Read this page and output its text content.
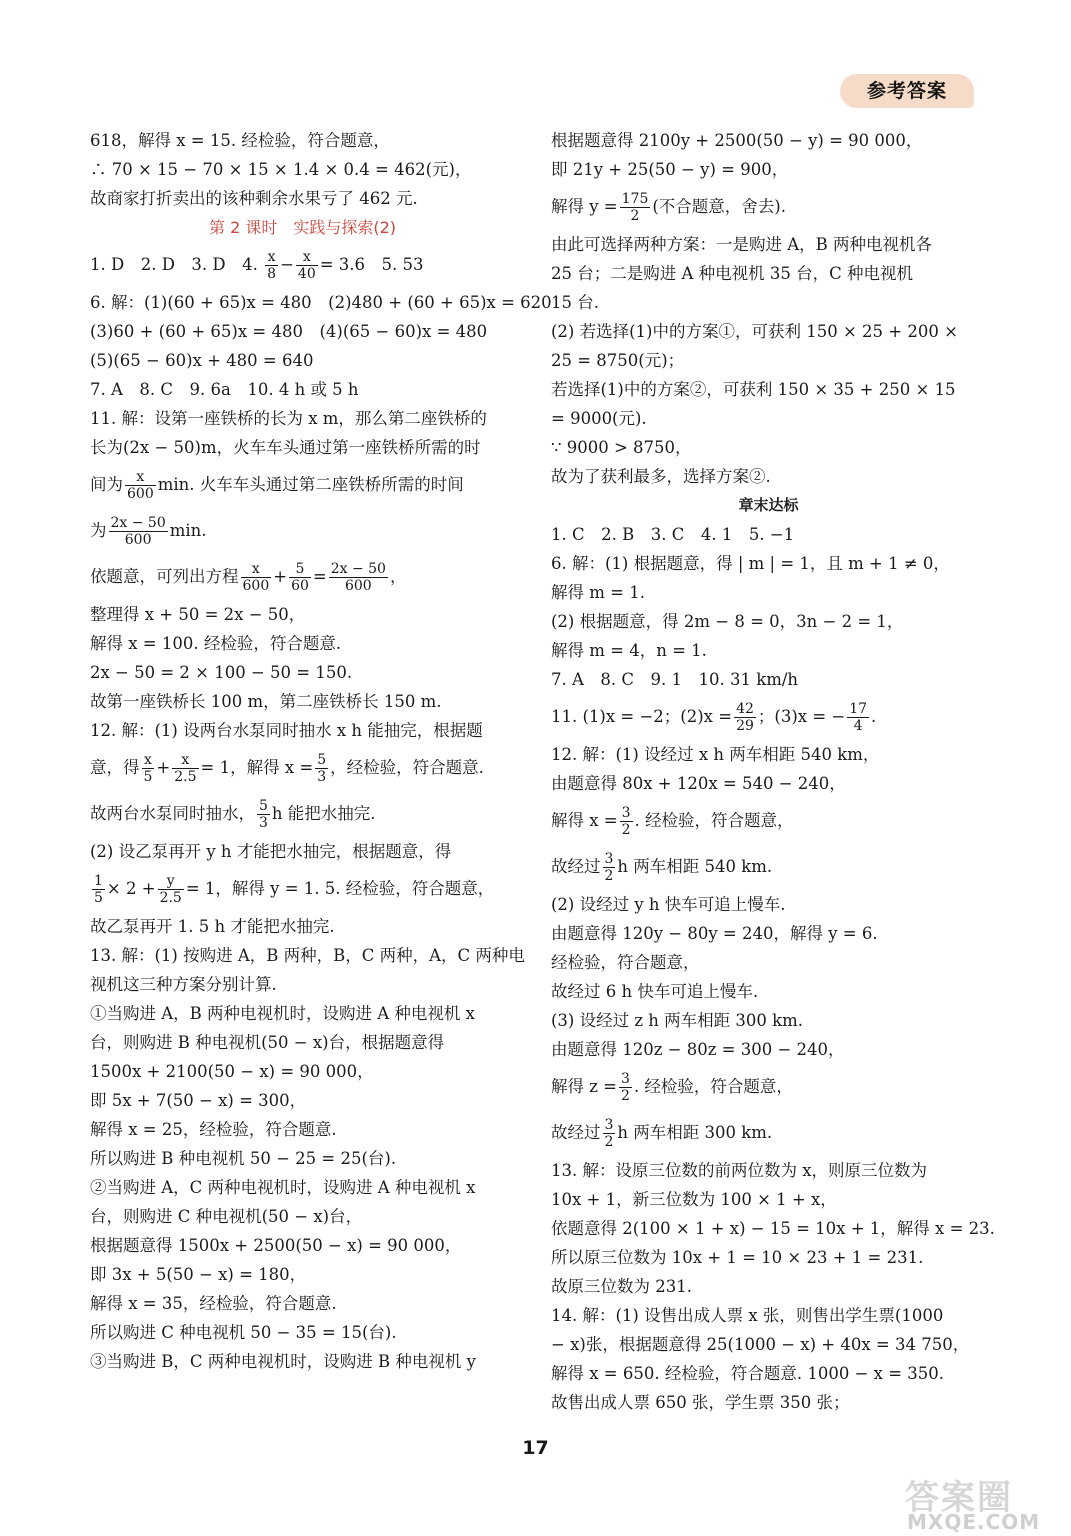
参考答案
618，解得 x = 15. 经检验，符合题意，
∴ 70 × 15 − 70 × 15 × 1.4 × 0.4 = 462(元)，
故商家打折卖出的该种剩余水果亏了 462 元.
第 2 课时　实践与探索(2)
1. D　2. D　3. D　4. $\frac{x}{8} - \frac{x}{40} = 3.6$　5. 53
6. 解：(1)(60 + 65)x = 480　(2)480 + (60 + 65)x = 620
(3)60 + (60 + 65)x = 480　(4)(65 − 60)x = 480
(5)(65 − 60)x + 480 = 640
7. A　8. C　9. 6a　10. 4 h 或 5 h
11. 解：设第一座铁桥的长为 x m，那么第二座铁桥的
长为(2x − 50)m，火车车头通过第一座铁桥所需的时
间为 $\frac{x}{600} \min$. 火车车头通过第二座铁桥所需的时间
为 $\frac{2x - 50}{600} \min$.
依题意，可列出方程 $\frac{x}{600} + \frac{5}{60} = \frac{2x - 50}{600}$ ，
整理得 x + 50 = 2x − 50，
解得 x = 100. 经检验，符合题意.
2x − 50 = 2 × 100 − 50 = 150.
故第一座铁桥长 100 m，第二座铁桥长 150 m.
12. 解：(1) 设两台水泵同时抽水 x h 能抽完，根据题
意，得 $\frac{x}{5} + \frac{x}{2.5} = 1$，解得 $x = \frac{5}{3}$ ，经检验，符合题意.
故两台水泵同时抽水， $\frac{5}{3}$ h 能把水抽完.
(2) 设乙泵再开 y h 才能把水抽完，根据题意，得
$\frac{1}{5} \times 2 + \frac{y}{2.5} = 1$，解得 y = 1. 5. 经检验，符合题意，
故乙泵再开 1. 5 h 才能把水抽完.
13. 解：(1) 按购进 A，B 两种，B，C 两种，A，C 两种电
视机这三种方案分别计算.
①当购进 A，B 两种电视机时，设购进 A 种电视机 x
台，则购进 B 种电视机(50 − x)台，根据题意得
1500x + 2100(50 − x) = 90 000，
即 5x + 7(50 − x) = 300，
解得 x = 25，经检验，符合题意.
所以购进 B 种电视机 50 − 25 = 25(台).
②当购进 A，C 两种电视机时，设购进 A 种电视机 x
台，则购进 C 种电视机(50 − x)台，
根据题意得 1500x + 2500(50 − x) = 90 000，
即 3x + 5(50 − x) = 180，
解得 x = 35，经检验，符合题意.
所以购进 C 种电视机 50 − 35 = 15(台).
③当购进 B，C 两种电视机时，设购进 B 种电视机 y
根据题意得 2100y + 2500(50 − y) = 90 000，
即 21y + 25(50 − y) = 900，
解得 $y = \frac{175}{2}$ (不合题意，舍去).
由此可选择两种方案：一是购进 A，B 两种电视机各
25 台；二是购进 A 种电视机 35 台，C 种电视机
15 台.
(2) 若选择(1)中的方案①，可获利 150 × 25 + 200 ×
25 = 8750(元)；
若选择(1)中的方案②，可获利 150 × 35 + 250 × 15
= 9000(元).
∵ 9000 > 8750，
故为了获利最多，选择方案②.
章末达标
1. C　2. B　3. C　4. 1　5. −1
6. 解：(1) 根据题意，得 | m | = 1，且 m + 1 ≠ 0，
解得 m = 1.
(2) 根据题意，得 2m − 8 = 0，3n − 2 = 1，
解得 m = 4，n = 1.
7. A　8. C　9. 1　10. 31 km/h
11. (1)x = −2；$(2)x = \frac{42}{29}$ ；(3)x = − $\frac{17}{4}$ .
12. 解：(1) 设经过 x h 两车相距 540 km，
由题意得 80x + 120x = 540 − 240，
解得 $x = \frac{3}{2}$ . 经检验，符合题意，
故经过 $\frac{3}{2}$ h 两车相距 540 km.
(2) 设经过 y h 快车可追上慢车.
由题意得 120y − 80y = 240，解得 y = 6.
经检验，符合题意，
故经过 6 h 快车可追上慢车.
(3) 设经过 z h 两车相距 300 km.
由题意得 120z − 80z = 300 − 240，
解得 $z = \frac{3}{2}$ . 经检验，符合题意，
故经过 $\frac{3}{2}$ h 两车相距 300 km.
13. 解：设原三位数的前两位数为 x，则原三位数为
10x + 1，新三位数为 100 × 1 + x，
依题意得 2(100 × 1 + x) − 15 = 10x + 1，解得 x = 23.
所以原三位数为 10x + 1 = 10 × 23 + 1 = 231.
故原三位数为 231.
14. 解：(1) 设售出成人票 x 张，则售出学生票(1000
− x)张，根据题意得 25(1000 − x) + 40x = 34 750，
解得 x = 650. 经检验，符合题意. 1000 − x = 350.
故售出成人票 650 张，学生票 350 张；
17
答案圈
MXQE.COM
